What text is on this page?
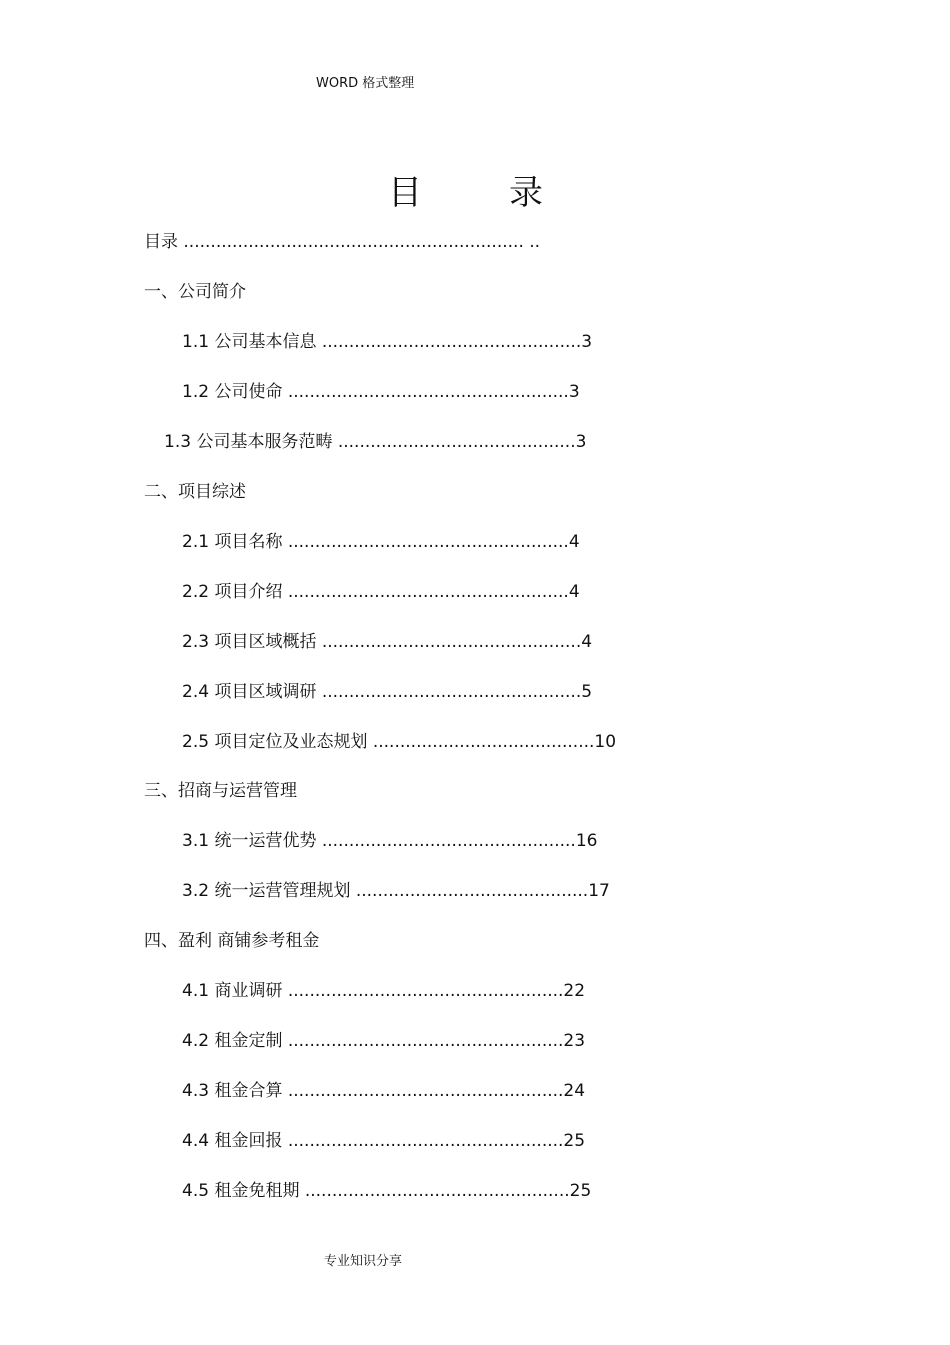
WORD 格式整理
目	录
目录 ............................................................... ..
一、公司简介
1.1 公司基本信息 ................................................3
1.2 公司使命 ....................................................3
1.3 公司基本服务范畴 ............................................3
二、项目综述
2.1 项目名称 ....................................................4
2.2 项目介绍 ....................................................4
2.3 项目区域概括 ................................................4
2.4 项目区域调研 ................................................5
2.5 项目定位及业态规划 .........................................10
三、招商与运营管理
3.1 统一运营优势 ...............................................16
3.2 统一运营管理规划 ...........................................17
四、盈利 商铺参考租金
4.1 商业调研 ...................................................22
4.2 租金定制 ...................................................23
4.3 租金合算 ...................................................24
4.4 租金回报 ...................................................25
4.5 租金免租期 .................................................25
专业知识分享
